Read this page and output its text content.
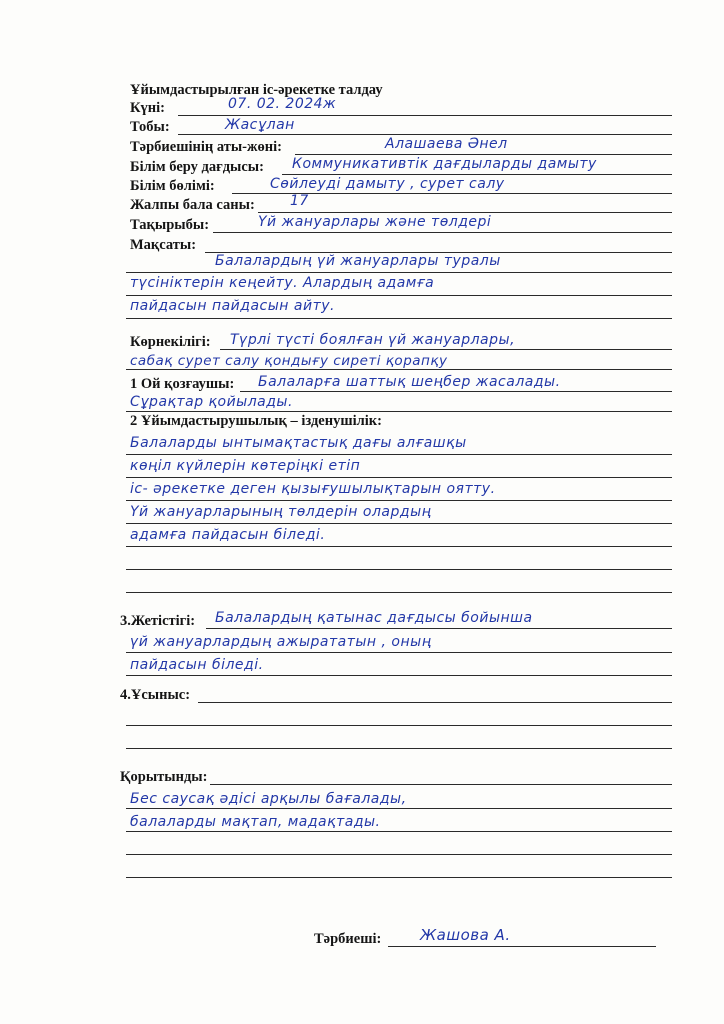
Ұйымдастырылған іс-әрекетке талдау
Күні:	07. 02. 2024ж
Тобы:	Жасұлан
Тәрбиешінің аты-жөні:	Алашаева Әнел
Білім беру дағдысы: Коммуникативтік дағдыларды дамыту
Білім бөлімі:	Сөйлеуді дамыту , сурет салу
Жалпы бала саны:	17
Тақырыбы:	Үй жануарлары және төлдері
Мақсаты:
Балалардың үй жануарлары туралы
түсініктерін кеңейту. Алардың адамға
пайдасын пайдасын айту.
Көрнекілігі: Түрлі түсті боялған үй жануарлары,
сабақ сурет салу қондығу сиреті қорапқу
1 Ой қозғаушы: Балаларға шаттық шеңбер жасалады.
Сұрақтар қойылады.
2 Ұйымдастырушылық – ізденушілік:
Балаларды ынтымақтастық дағы алғашқы
көңіл күйлерін көтеріңкі етіп
іс- әрекетке деген қызығушылықтарын оятту.
Үй жануарларының төлдерін олардың
адамға пайдасын біледі.
3.Жетістігі: Балалардың қатынас дағдысы бойынша
үй жануарлардың ажырататын , оның
пайдасын біледі.
4.Ұсыныс:
Қорытынды:
Бес саусақ әдісі арқылы бағалады,
балаларды мақтап, мадақтады.
Тәрбиеші:	Жашова А.
